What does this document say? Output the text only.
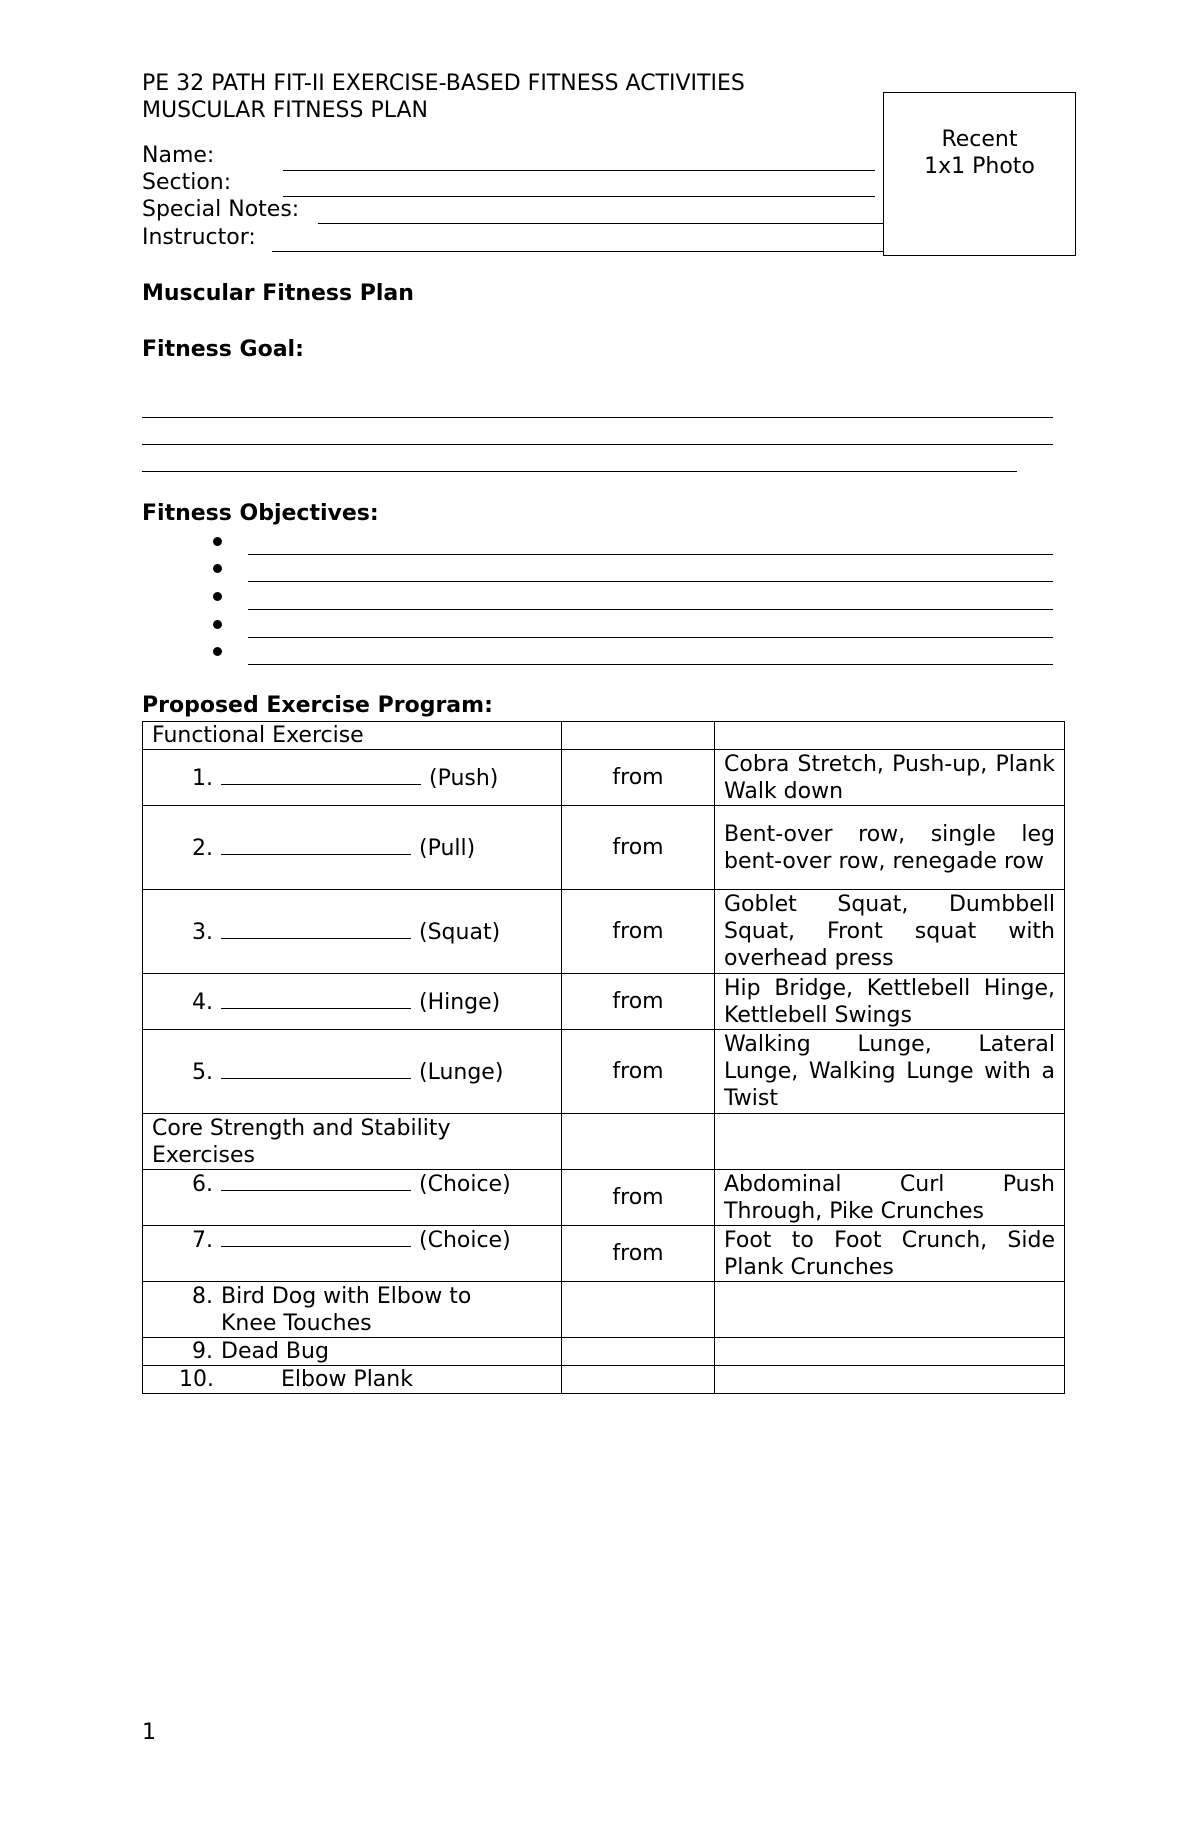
PE 32 PATH FIT-II EXERCISE-BASED FITNESS ACTIVITIES
MUSCULAR FITNESS PLAN
Recent
1x1 Photo
Name:
Section:
Special Notes:
Instructor:
Muscular Fitness Plan
Fitness Goal:
Fitness Objectives:
Proposed Exercise Program:
Functional Exercise		
1. (Push)	from	Cobra Stretch, Push-up, Plank Walk down
2. (Pull)	from	Bent-over row, single leg bent-over row, renegade row
3. (Squat)	from	Goblet Squat, Dumbbell Squat, Front squat with overhead press
4. (Hinge)	from	Hip Bridge, Kettlebell Hinge, Kettlebell Swings
5. (Lunge)	from	Walking Lunge, Lateral Lunge, Walking Lunge with a Twist
Core Strength and Stability Exercises		
6. (Choice)	from	Abdominal Curl Push Through, Pike Crunches
7. (Choice)	from	Foot to Foot Crunch, Side Plank Crunches

8. Bird Dog with Elbow to Knee Touches		

9. Dead Bug		
10. Elbow Plank		
1
